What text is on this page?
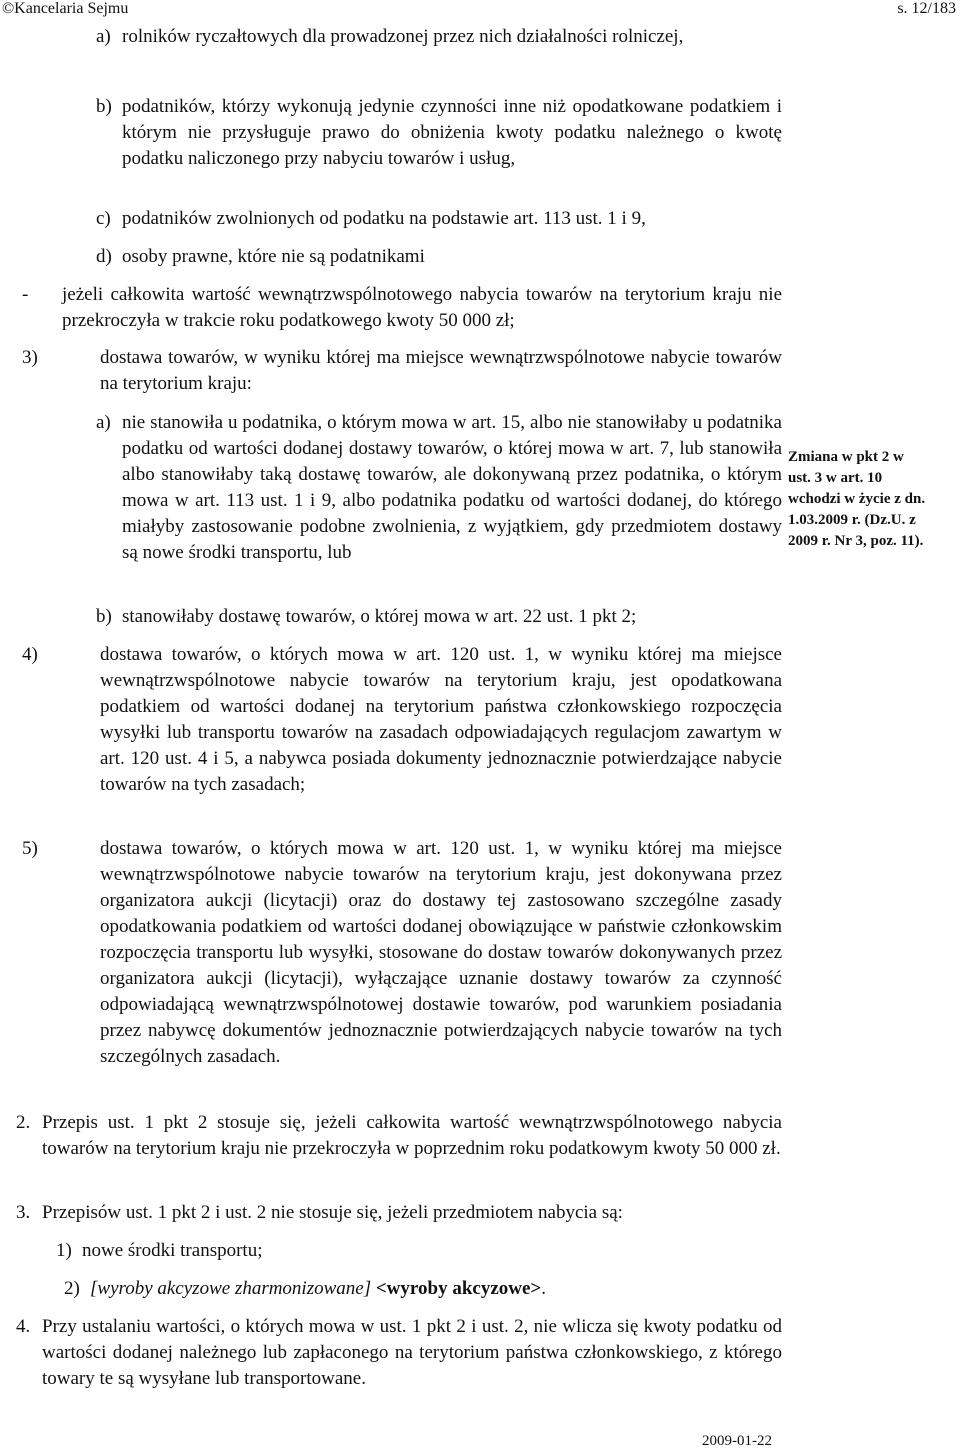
©Kancelaria Sejmu	s. 12/183
a) rolników ryczałtowych dla prowadzonej przez nich działalności rolniczej,
b) podatników, którzy wykonują jedynie czynności inne niż opodatkowane podatkiem i którym nie przysługuje prawo do obniżenia kwoty podatku należnego o kwotę podatku naliczonego przy nabyciu towarów i usług,
c) podatników zwolnionych od podatku na podstawie art. 113 ust. 1 i 9,
d) osoby prawne, które nie są podatnikami
- jeżeli całkowita wartość wewnątrzwspólnotowego nabycia towarów na terytorium kraju nie przekroczyła w trakcie roku podatkowego kwoty 50 000 zł;
3)	dostawa towarów, w wyniku której ma miejsce wewnątrzwspólnotowe nabycie towarów na terytorium kraju:
a) nie stanowiła u podatnika, o którym mowa w art. 15, albo nie stanowiłaby u podatnika podatku od wartości dodanej dostawy towarów, o której mowa w art. 7, lub stanowiła albo stanowiłaby taką dostawę towarów, ale dokonywaną przez podatnika, o którym mowa w art. 113 ust. 1 i 9, albo podatnika podatku od wartości dodanej, do którego miałyby zastosowanie podobne zwolnienia, z wyjątkiem, gdy przedmiotem dostawy są nowe środki transportu, lub
b) stanowiłaby dostawę towarów, o której mowa w art. 22 ust. 1 pkt 2;
4)	dostawa towarów, o których mowa w art. 120 ust. 1, w wyniku której ma miejsce wewnątrzwspólnotowe nabycie towarów na terytorium kraju, jest opodatkowana podatkiem od wartości dodanej na terytorium państwa członkowskiego rozpoczęcia wysyłki lub transportu towarów na zasadach odpowiadających regulacjom zawartym w art. 120 ust. 4 i 5, a nabywca posiada dokumenty jednoznacznie potwierdzające nabycie towarów na tych zasadach;
5)	dostawa towarów, o których mowa w art. 120 ust. 1, w wyniku której ma miejsce wewnątrzwspólnotowe nabycie towarów na terytorium kraju, jest dokonywana przez organizatora aukcji (licytacji) oraz do dostawy tej zastosowano szczególne zasady opodatkowania podatkiem od wartości dodanej obowiązujące w państwie członkowskim rozpoczęcia transportu lub wysyłki, stosowane do dostaw towarów dokonywanych przez organizatora aukcji (licytacji), wyłączające uznanie dostawy towarów za czynność odpowiadającą wewnątrzwspólnotowej dostawie towarów, pod warunkiem posiadania przez nabywcę dokumentów jednoznacznie potwierdzających nabycie towarów na tych szczególnych zasadach.
2. Przepis ust. 1 pkt 2 stosuje się, jeżeli całkowita wartość wewnątrzwspólnotowego nabycia towarów na terytorium kraju nie przekroczyła w poprzednim roku podatkowym kwoty 50 000 zł.
3. Przepisów ust. 1 pkt 2 i ust. 2 nie stosuje się, jeżeli przedmiotem nabycia są:
1) nowe środki transportu;
2) [wyroby akcyzowe zharmonizowane] <wyroby akcyzowe>.
4. Przy ustalaniu wartości, o których mowa w ust. 1 pkt 2 i ust. 2, nie wlicza się kwoty podatku od wartości dodanej należnego lub zapłaconego na terytorium państwa członkowskiego, z którego towary te są wysyłane lub transportowane.
Zmiana w pkt 2 w
ust. 3 w art. 10
wchodzi w życie z dn.
1.03.2009 r. (Dz.U. z
2009 r. Nr 3, poz. 11).
2009-01-22
